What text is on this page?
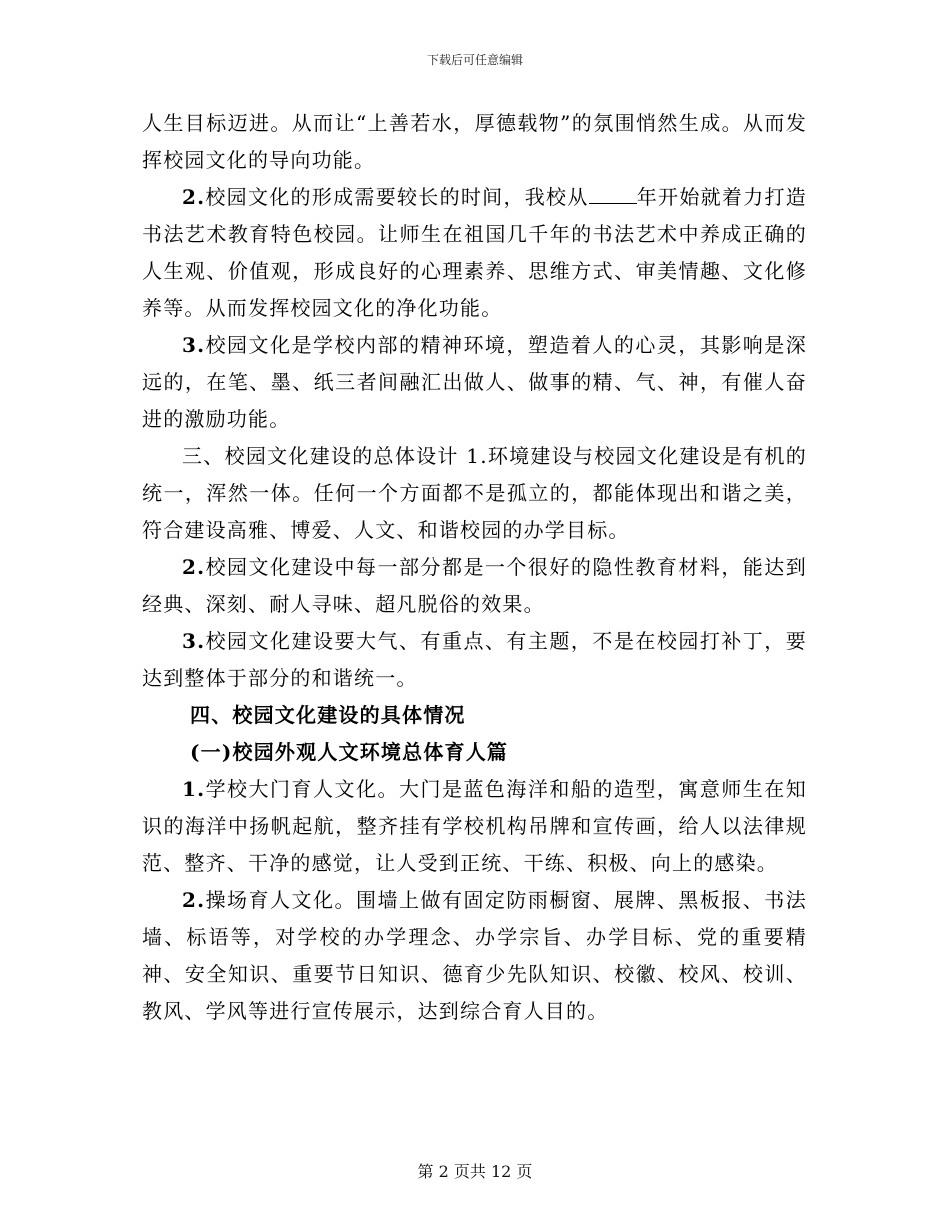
下载后可任意编辑

人生目标迈进。从而让“上善若水，厚德载物”的氛围悄然生成。从而发挥校园文化的导向功能。

2.校园文化的形成需要较长的时间，我校从 年开始就着力打造书法艺术教育特色校园。让师生在祖国几千年的书法艺术中养成正确的人生观、价值观，形成良好的心理素养、思维方式、审美情趣、文化修养等。从而发挥校园文化的净化功能。

3.校园文化是学校内部的精神环境，塑造着人的心灵，其影响是深远的，在笔、墨、纸三者间融汇出做人、做事的精、气、神，有催人奋进的激励功能。

三、校园文化建设的总体设计 1.环境建设与校园文化建设是有机的统一，浑然一体。任何一个方面都不是孤立的，都能体现出和谐之美，符合建设高雅、博爱、人文、和谐校园的办学目标。

2.校园文化建设中每一部分都是一个很好的隐性教育材料，能达到经典、深刻、耐人寻味、超凡脱俗的效果。

3.校园文化建设要大气、有重点、有主题，不是在校园打补丁，要达到整体于部分的和谐统一。

四、校园文化建设的具体情况

(一)校园外观人文环境总体育人篇

1.学校大门育人文化。大门是蓝色海洋和船的造型，寓意师生在知识的海洋中扬帆起航，整齐挂有学校机构吊牌和宣传画，给人以法律规范、整齐、干净的感觉，让人受到正统、干练、积极、向上的感染。

2.操场育人文化。围墙上做有固定防雨橱窗、展牌、黑板报、书法墙、标语等，对学校的办学理念、办学宗旨、办学目标、党的重要精神、安全知识、重要节日知识、德育少先队知识、校徽、校风、校训、教风、学风等进行宣传展示，达到综合育人目的。

第 2 页共 12 页
